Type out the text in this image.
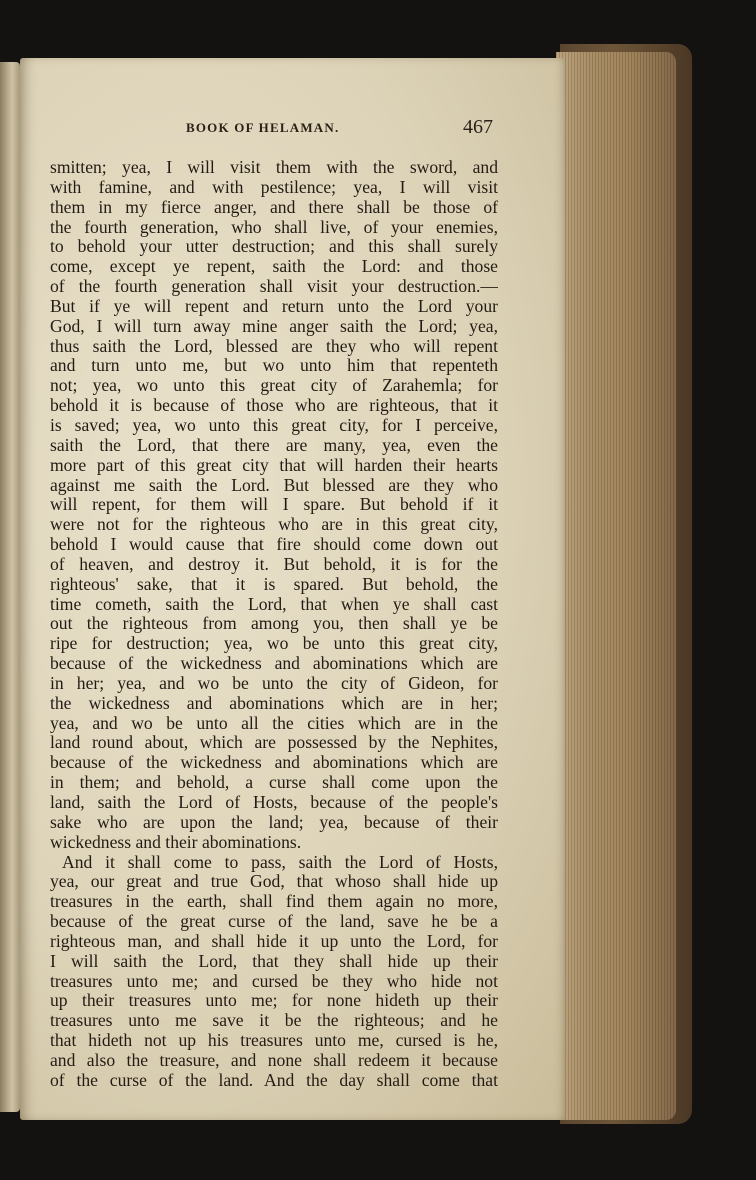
BOOK OF HELAMAN.	467
smitten; yea, I will visit them with the sword, and
with famine, and with pestilence; yea, I will visit
them in my fierce anger, and there shall be those of
the fourth generation, who shall live, of your enemies,
to behold your utter destruction; and this shall surely
come, except ye repent, saith the Lord: and those
of the fourth generation shall visit your destruction.—
But if ye will repent and return unto the Lord your
God, I will turn away mine anger saith the Lord; yea,
thus saith the Lord, blessed are they who will repent
and turn unto me, but wo unto him that repenteth
not; yea, wo unto this great city of Zarahemla; for
behold it is because of those who are righteous, that it
is saved; yea, wo unto this great city, for I perceive,
saith the Lord, that there are many, yea, even the
more part of this great city that will harden their hearts
against me saith the Lord. But blessed are they who
will repent, for them will I spare. But behold if it
were not for the righteous who are in this great city,
behold I would cause that fire should come down out
of heaven, and destroy it. But behold, it is for the
righteous' sake, that it is spared. But behold, the
time cometh, saith the Lord, that when ye shall cast
out the righteous from among you, then shall ye be
ripe for destruction; yea, wo be unto this great city,
because of the wickedness and abominations which are
in her; yea, and wo be unto the city of Gideon, for
the wickedness and abominations which are in her;
yea, and wo be unto all the cities which are in the
land round about, which are possessed by the Nephites,
because of the wickedness and abominations which are
in them; and behold, a curse shall come upon the
land, saith the Lord of Hosts, because of the people's
sake who are upon the land; yea, because of their
wickedness and their abominations.
And it shall come to pass, saith the Lord of Hosts,
yea, our great and true God, that whoso shall hide up
treasures in the earth, shall find them again no more,
because of the great curse of the land, save he be a
righteous man, and shall hide it up unto the Lord, for
I will saith the Lord, that they shall hide up their
treasures unto me; and cursed be they who hide not
up their treasures unto me; for none hideth up their
treasures unto me save it be the righteous; and he
that hideth not up his treasures unto me, cursed is he,
and also the treasure, and none shall redeem it because
of the curse of the land. And the day shall come that
